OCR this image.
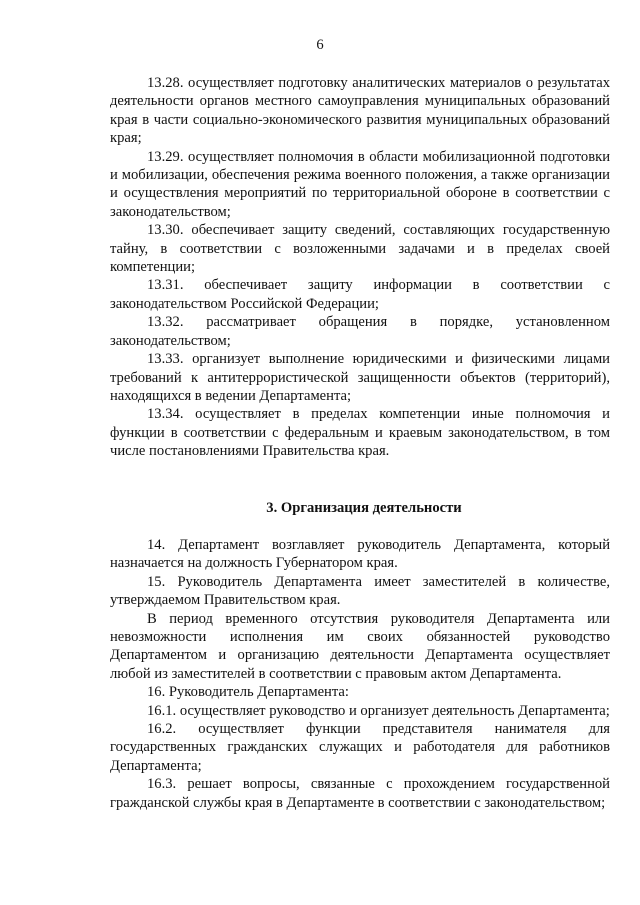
6

13.28. осуществляет подготовку аналитических материалов о результатах деятельности органов местного самоуправления муниципальных образований края в части социально-экономического развития муниципальных образований края;

13.29. осуществляет полномочия в области мобилизационной подготовки и мобилизации, обеспечения режима военного положения, а также организации и осуществления мероприятий по территориальной обороне в соответствии с законодательством;

13.30. обеспечивает защиту сведений, составляющих государственную тайну, в соответствии с возложенными задачами и в пределах своей компетенции;

13.31. обеспечивает защиту информации в соответствии с законодательством Российской Федерации;

13.32. рассматривает обращения в порядке, установленном законодательством;

13.33. организует выполнение юридическими и физическими лицами требований к антитеррористической защищенности объектов (территорий), находящихся в ведении Департамента;

13.34. осуществляет в пределах компетенции иные полномочия и функции в соответствии с федеральным и краевым законодательством, в том числе постановлениями Правительства края.

3. Организация деятельности

14. Департамент возглавляет руководитель Департамента, который назначается на должность Губернатором края.

15. Руководитель Департамента имеет заместителей в количестве, утверждаемом Правительством края.

В период временного отсутствия руководителя Департамента или невозможности исполнения им своих обязанностей руководство Департаментом и организацию деятельности Департамента осуществляет любой из заместителей в соответствии с правовым актом Департамента.

16. Руководитель Департамента:

16.1. осуществляет руководство и организует деятельность Департамента;

16.2. осуществляет функции представителя нанимателя для государственных гражданских служащих и работодателя для работников Департамента;

16.3. решает вопросы, связанные с прохождением государственной гражданской службы края в Департаменте в соответствии с законодательством;
